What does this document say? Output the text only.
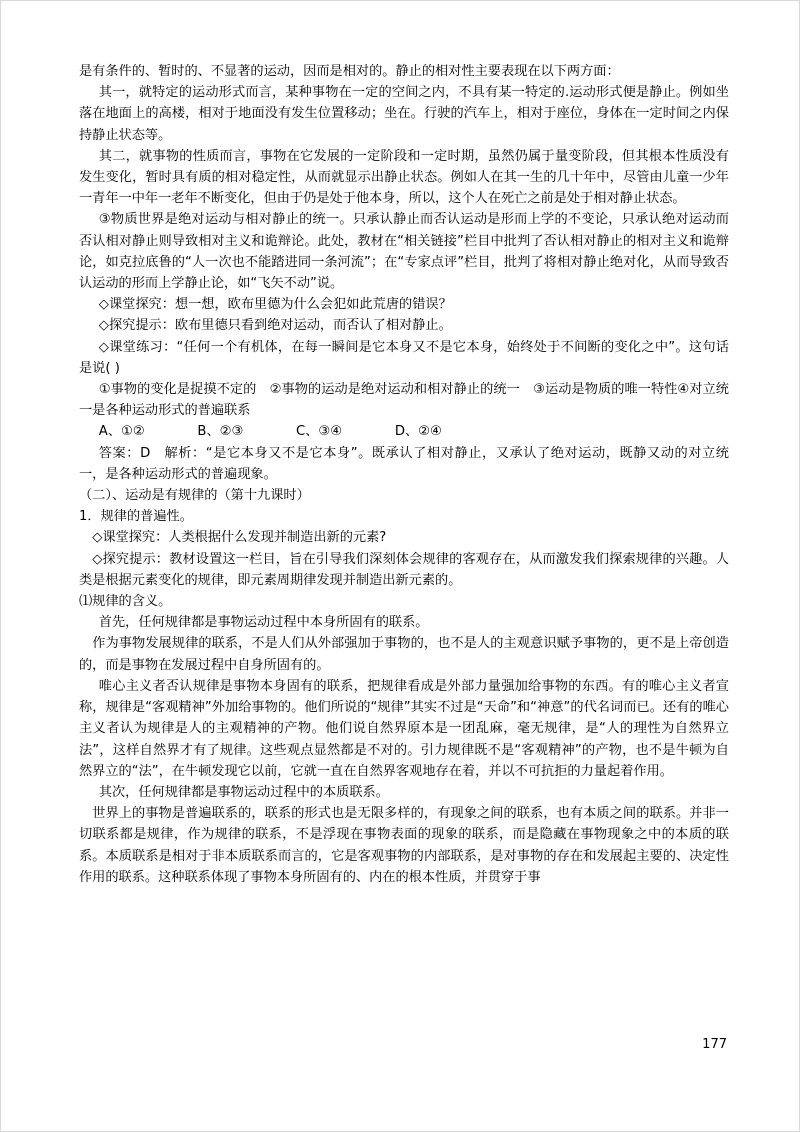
是有条件的、暂时的、不显著的运动，因而是相对的。静止的相对性主要表现在以下两方面：

其一，就特定的运动形式而言，某种事物在一定的空间之内，不具有某一特定的.运动形式便是静止。例如坐落在地面上的高楼，相对于地面没有发生位置移动；坐在。行驶的汽车上，相对于座位，身体在一定时间之内保持静止状态等。

其二，就事物的性质而言，事物在它发展的一定阶段和一定时期，虽然仍属于量变阶段，但其根本性质没有发生变化，暂时具有质的相对稳定性，从而就显示出静止状态。例如人在其一生的几十年中，尽管由儿童一少年一青年一中年一老年不断变化，但由于仍是处于他本身，所以，这个人在死亡之前是处于相对静止状态。

③物质世界是绝对运动与相对静止的统一。只承认静止而否认运动是形而上学的不变论，只承认绝对运动而否认相对静止则导致相对主义和诡辩论。此处，教材在“相关链接”栏目中批判了否认相对静止的相对主义和诡辩论，如克拉底鲁的“人一次也不能踏进同一条河流”；在“专家点评”栏目，批判了将相对静止绝对化，从而导致否认运动的形而上学静止论，如“飞矢不动”说。

◇课堂探究：想一想，欧布里德为什么会犯如此荒唐的错误？

◇探究提示：欧布里德只看到绝对运动，而否认了相对静止。

◇课堂练习：“任何一个有机体，在每一瞬间是它本身又不是它本身，始终处于不间断的变化之中”。这句话是说( )

①事物的变化是捉摸不定的　②事物的运动是绝对运动和相对静止的统一　③运动是物质的唯一特性④对立统一是各种运动形式的普遍联系

A、①②　　　　B、②③　　　　C、③④　　　　D、②④

答案：D　解析：“是它本身又不是它本身”。既承认了相对静止，又承认了绝对运动，既静又动的对立统一，是各种运动形式的普遍现象。

（二）、运动是有规律的（第十九课时）

1．规律的普遍性。

◇课堂探究：人类根据什么发现并制造出新的元素?

◇探究提示：教材设置这一栏目，旨在引导我们深刻体会规律的客观存在，从而激发我们探索规律的兴趣。人类是根据元素变化的规律，即元素周期律发现并制造出新元素的。

⑴规律的含义。

首先，任何规律都是事物运动过程中本身所固有的联系。

作为事物发展规律的联系，不是人们从外部强加于事物的，也不是人的主观意识赋予事物的，更不是上帝创造的，而是事物在发展过程中自身所固有的。

唯心主义者否认规律是事物本身固有的联系，把规律看成是外部力量强加给事物的东西。有的唯心主义者宣称，规律是“客观精神”外加给事物的。他们所说的“规律”其实不过是“天命”和“神意”的代名词而已。还有的唯心主义者认为规律是人的主观精神的产物。他们说自然界原本是一团乱麻，毫无规律，是“人的理性为自然界立法”，这样自然界才有了规律。这些观点显然都是不对的。引力规律既不是“客观精神”的产物，也不是牛顿为自然界立的“法”，在牛顿发现它以前，它就一直在自然界客观地存在着，并以不可抗拒的力量起着作用。

其次，任何规律都是事物运动过程中的本质联系。

世界上的事物是普遍联系的，联系的形式也是无限多样的，有现象之间的联系，也有本质之间的联系。并非一切联系都是规律，作为规律的联系，不是浮现在事物表面的现象的联系，而是隐藏在事物现象之中的本质的联系。本质联系是相对于非本质联系而言的，它是客观事物的内部联系，是对事物的存在和发展起主要的、决定性作用的联系。这种联系体现了事物本身所固有的、内在的根本性质，并贯穿于事

177
